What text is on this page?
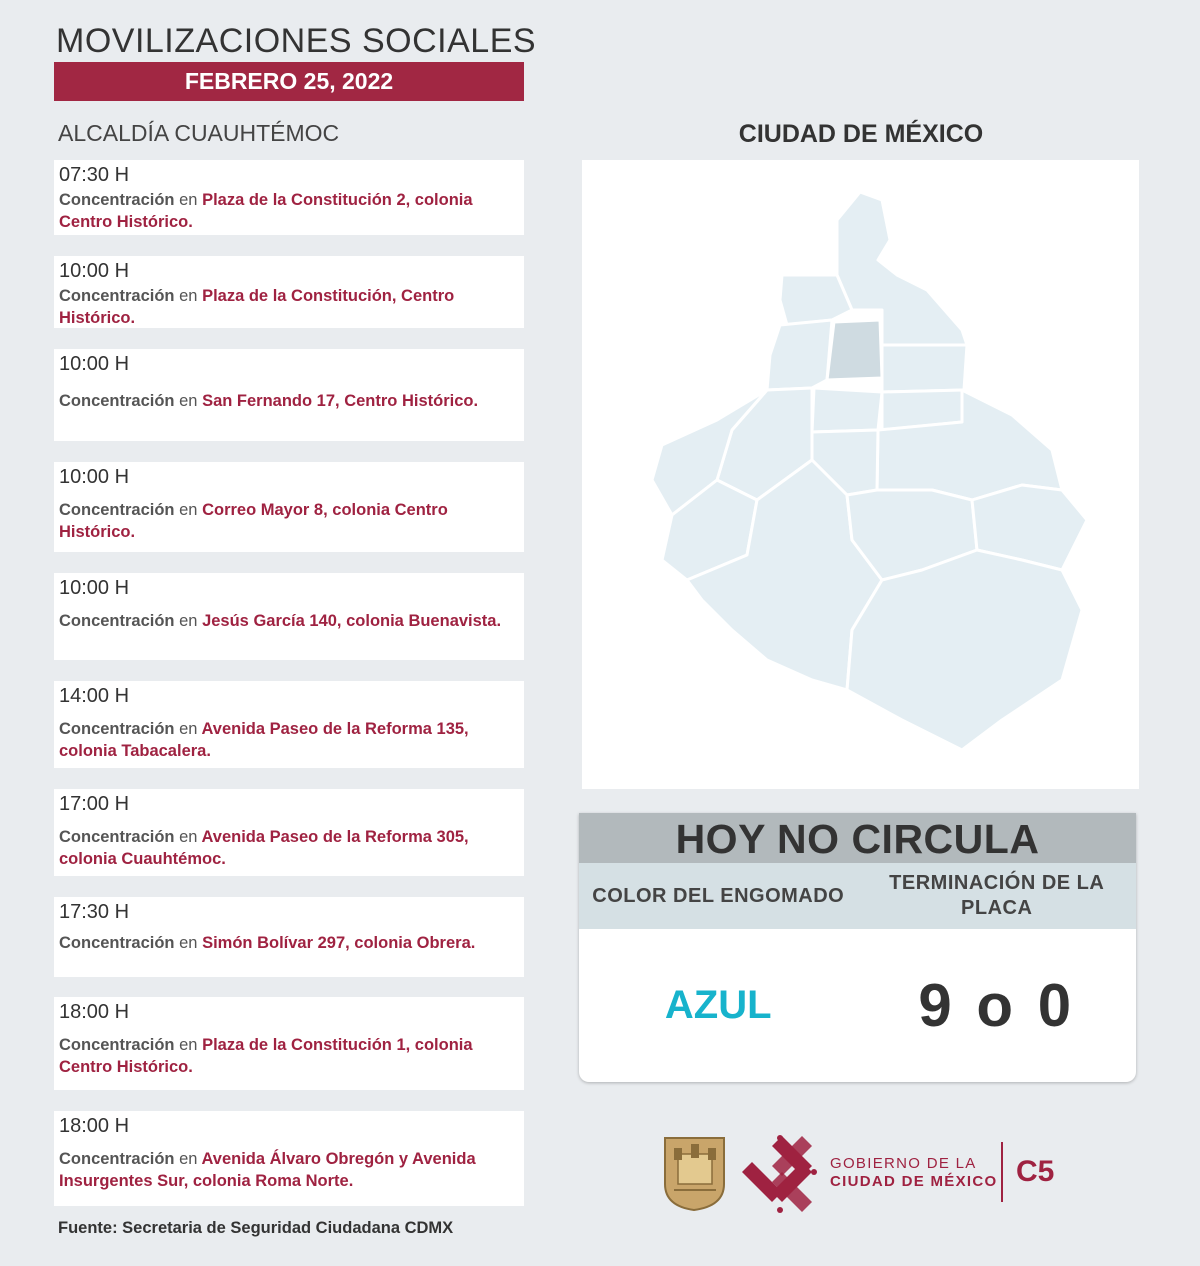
MOVILIZACIONES SOCIALES
FEBRERO 25, 2022
ALCALDÍA CUAUHTÉMOC
07:30 H
Concentración en Plaza de la Constitución 2, colonia Centro Histórico.
10:00 H
Concentración en Plaza de la Constitución, Centro Histórico.
10:00 H
Concentración en San Fernando 17, Centro Histórico.
10:00 H
Concentración en Correo Mayor 8, colonia Centro Histórico.
10:00 H
Concentración en Jesús García 140, colonia Buenavista.
14:00 H
Concentración en Avenida Paseo de la Reforma 135, colonia Tabacalera.
17:00 H
Concentración en Avenida Paseo de la Reforma 305, colonia Cuauhtémoc.
17:30 H
Concentración en Simón Bolívar 297, colonia Obrera.
18:00 H
Concentración en Plaza de la Constitución 1, colonia Centro Histórico.
18:00 H
Concentración en Avenida Álvaro Obregón y Avenida Insurgentes Sur, colonia Roma Norte.
Fuente: Secretaria de Seguridad Ciudadana CDMX
CIUDAD DE MÉXICO
HOY NO CIRCULA
COLOR DEL ENGOMADO
TERMINACIÓN DE LA PLACA
AZUL 9 o 0
GOBIERNO DE LA
CIUDAD DE MÉXICO C5
